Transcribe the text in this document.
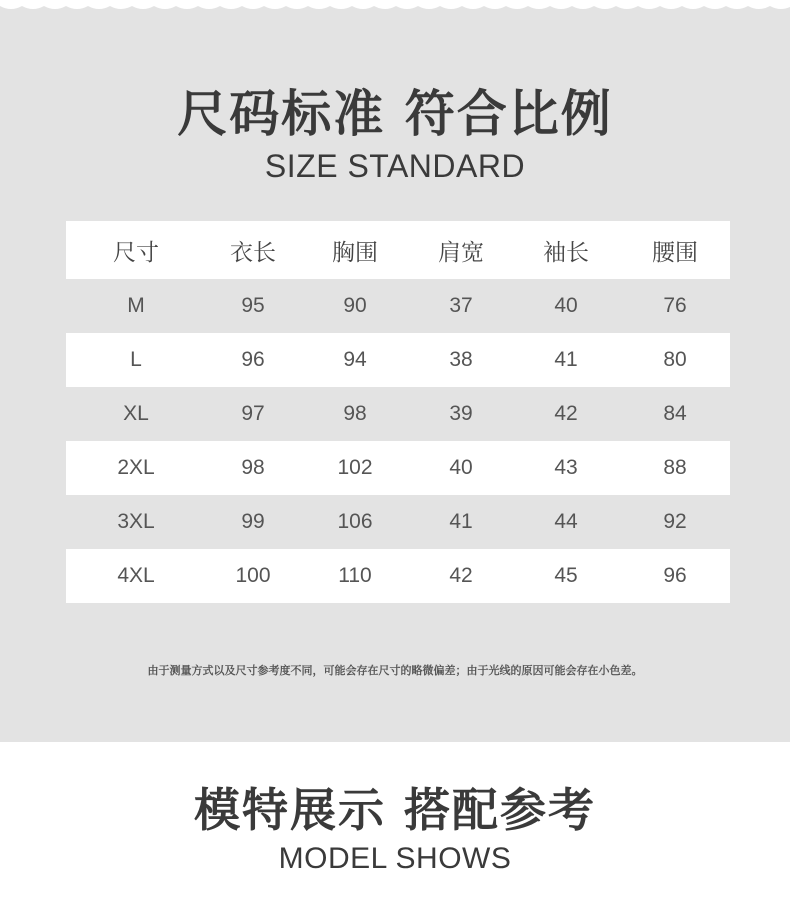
尺码标准 符合比例
SIZE STANDARD
尺寸	衣长	胸围	肩宽	袖长	腰围
M	95	90	37	40	76
L	96	94	38	41	80
XL	97	98	39	42	84
2XL	98	102	40	43	88
3XL	99	106	41	44	92
4XL	100	110	42	45	96
由于测量方式以及尺寸参考度不同，可能会存在尺寸的略微偏差；由于光线的原因可能会存在小色差。
模特展示 搭配参考
MODEL SHOWS
